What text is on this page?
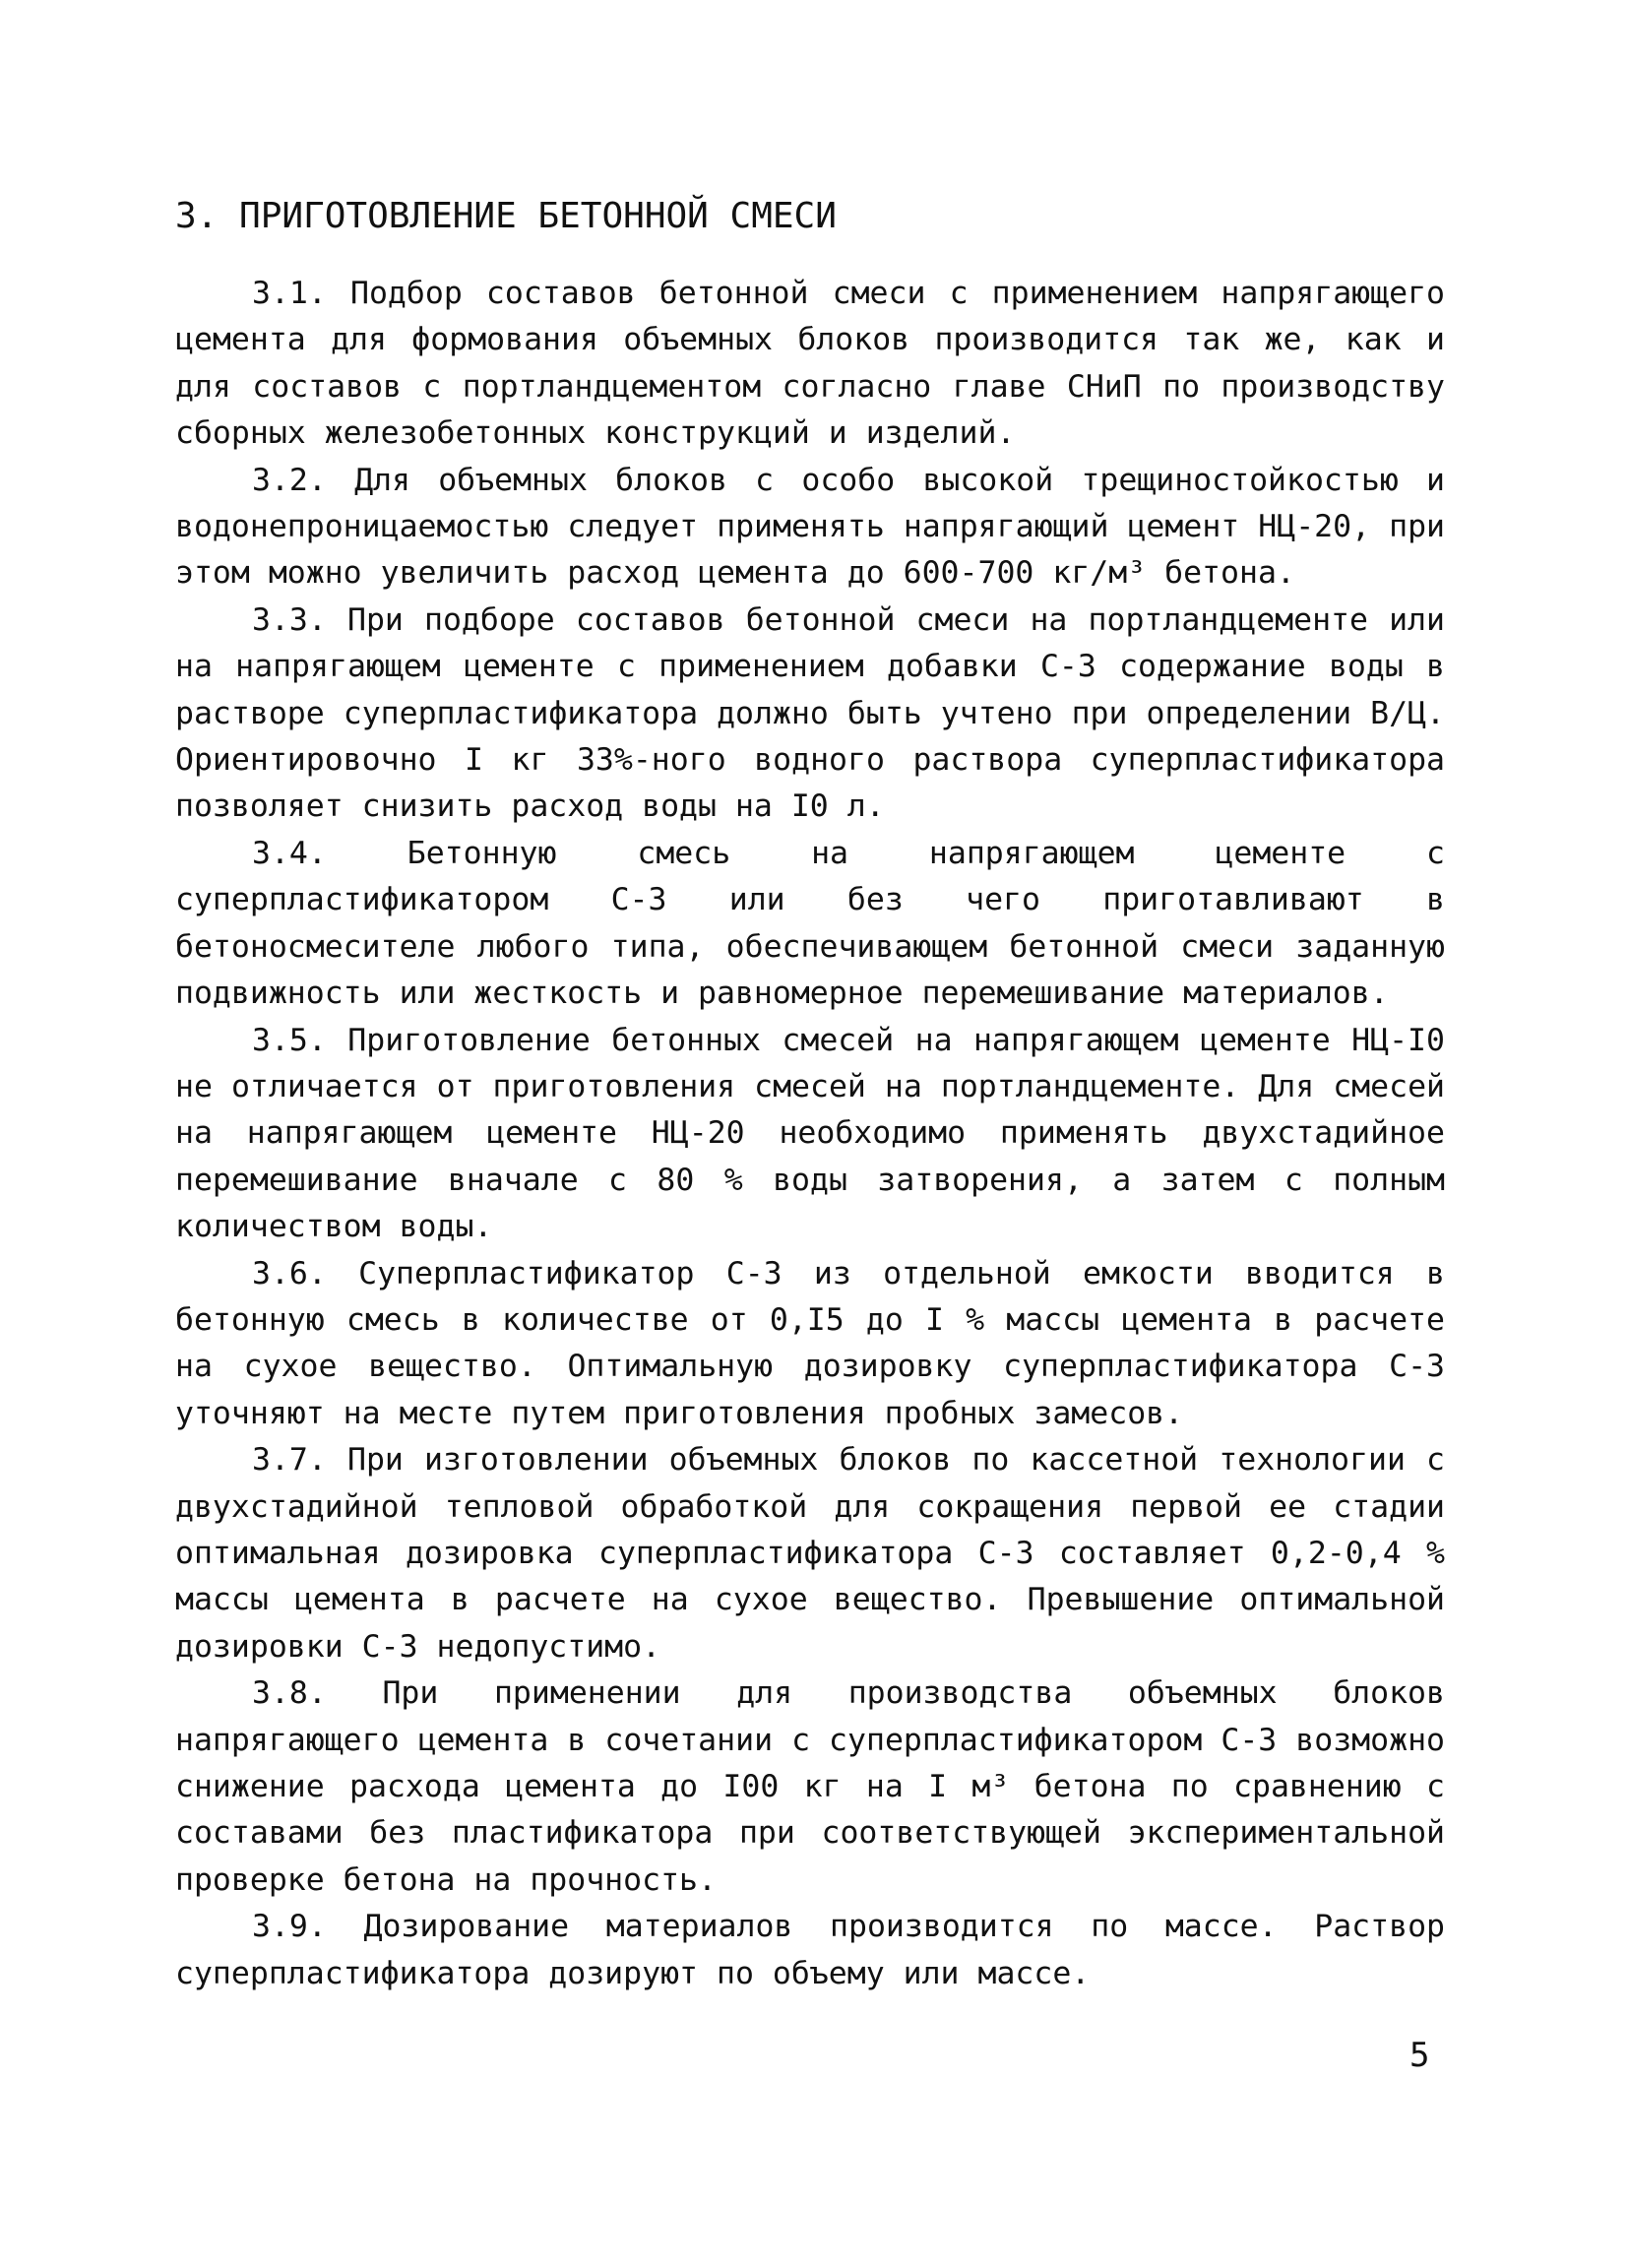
3. ПРИГОТОВЛЕНИЕ БЕТОННОЙ СМЕСИ

3.1. Подбор составов бетонной смеси с применением напрягающего цемента для формования объемных блоков производится так же, как и для составов с портландцементом согласно главе СНиП по производству сборных железобетонных конструкций и изделий.

3.2. Для объемных блоков с особо высокой трещиностойкостью и водонепроницаемостью следует применять напрягающий цемент НЦ-20, при этом можно увеличить расход цемента до 600-700 кг/м³ бетона.

3.3. При подборе составов бетонной смеси на портландцементе или на напрягающем цементе с применением добавки С-3 содержание воды в растворе суперпластификатора должно быть учтено при определении В/Ц. Ориентировочно I кг 33%-ного водного раствора суперпластификатора позволяет снизить расход воды на I0 л.

3.4. Бетонную смесь на напрягающем цементе с суперпластификатором С-3 или без чего приготавливают в бетоносмесителе любого типа, обеспечивающем бетонной смеси заданную подвижность или жесткость и равномерное перемешивание материалов.

3.5. Приготовление бетонных смесей на напрягающем цементе НЦ-I0 не отличается от приготовления смесей на портландцементе. Для смесей на напрягающем цементе НЦ-20 необходимо применять двухстадийное перемешивание вначале с 80 % воды затворения, а затем с полным количеством воды.

3.6. Суперпластификатор С-3 из отдельной емкости вводится в бетонную смесь в количестве от 0,I5 до I % массы цемента в расчете на сухое вещество. Оптимальную дозировку суперпластификатора С-3 уточняют на месте путем приготовления пробных замесов.

3.7. При изготовлении объемных блоков по кассетной технологии с двухстадийной тепловой обработкой для сокращения первой ее стадии оптимальная дозировка суперпластификатора С-3 составляет 0,2-0,4 % массы цемента в расчете на сухое вещество. Превышение оптимальной дозировки С-3 недопустимо.

3.8. При применении для производства объемных блоков напрягающего цемента в сочетании с суперпластификатором С-3 возможно снижение расхода цемента до I00 кг на I м³ бетона по сравнению с составами без пластификатора при соответствующей экспериментальной проверке бетона на прочность.

3.9. Дозирование материалов производится по массе. Раствор суперпластификатора дозируют по объему или массе.

5
